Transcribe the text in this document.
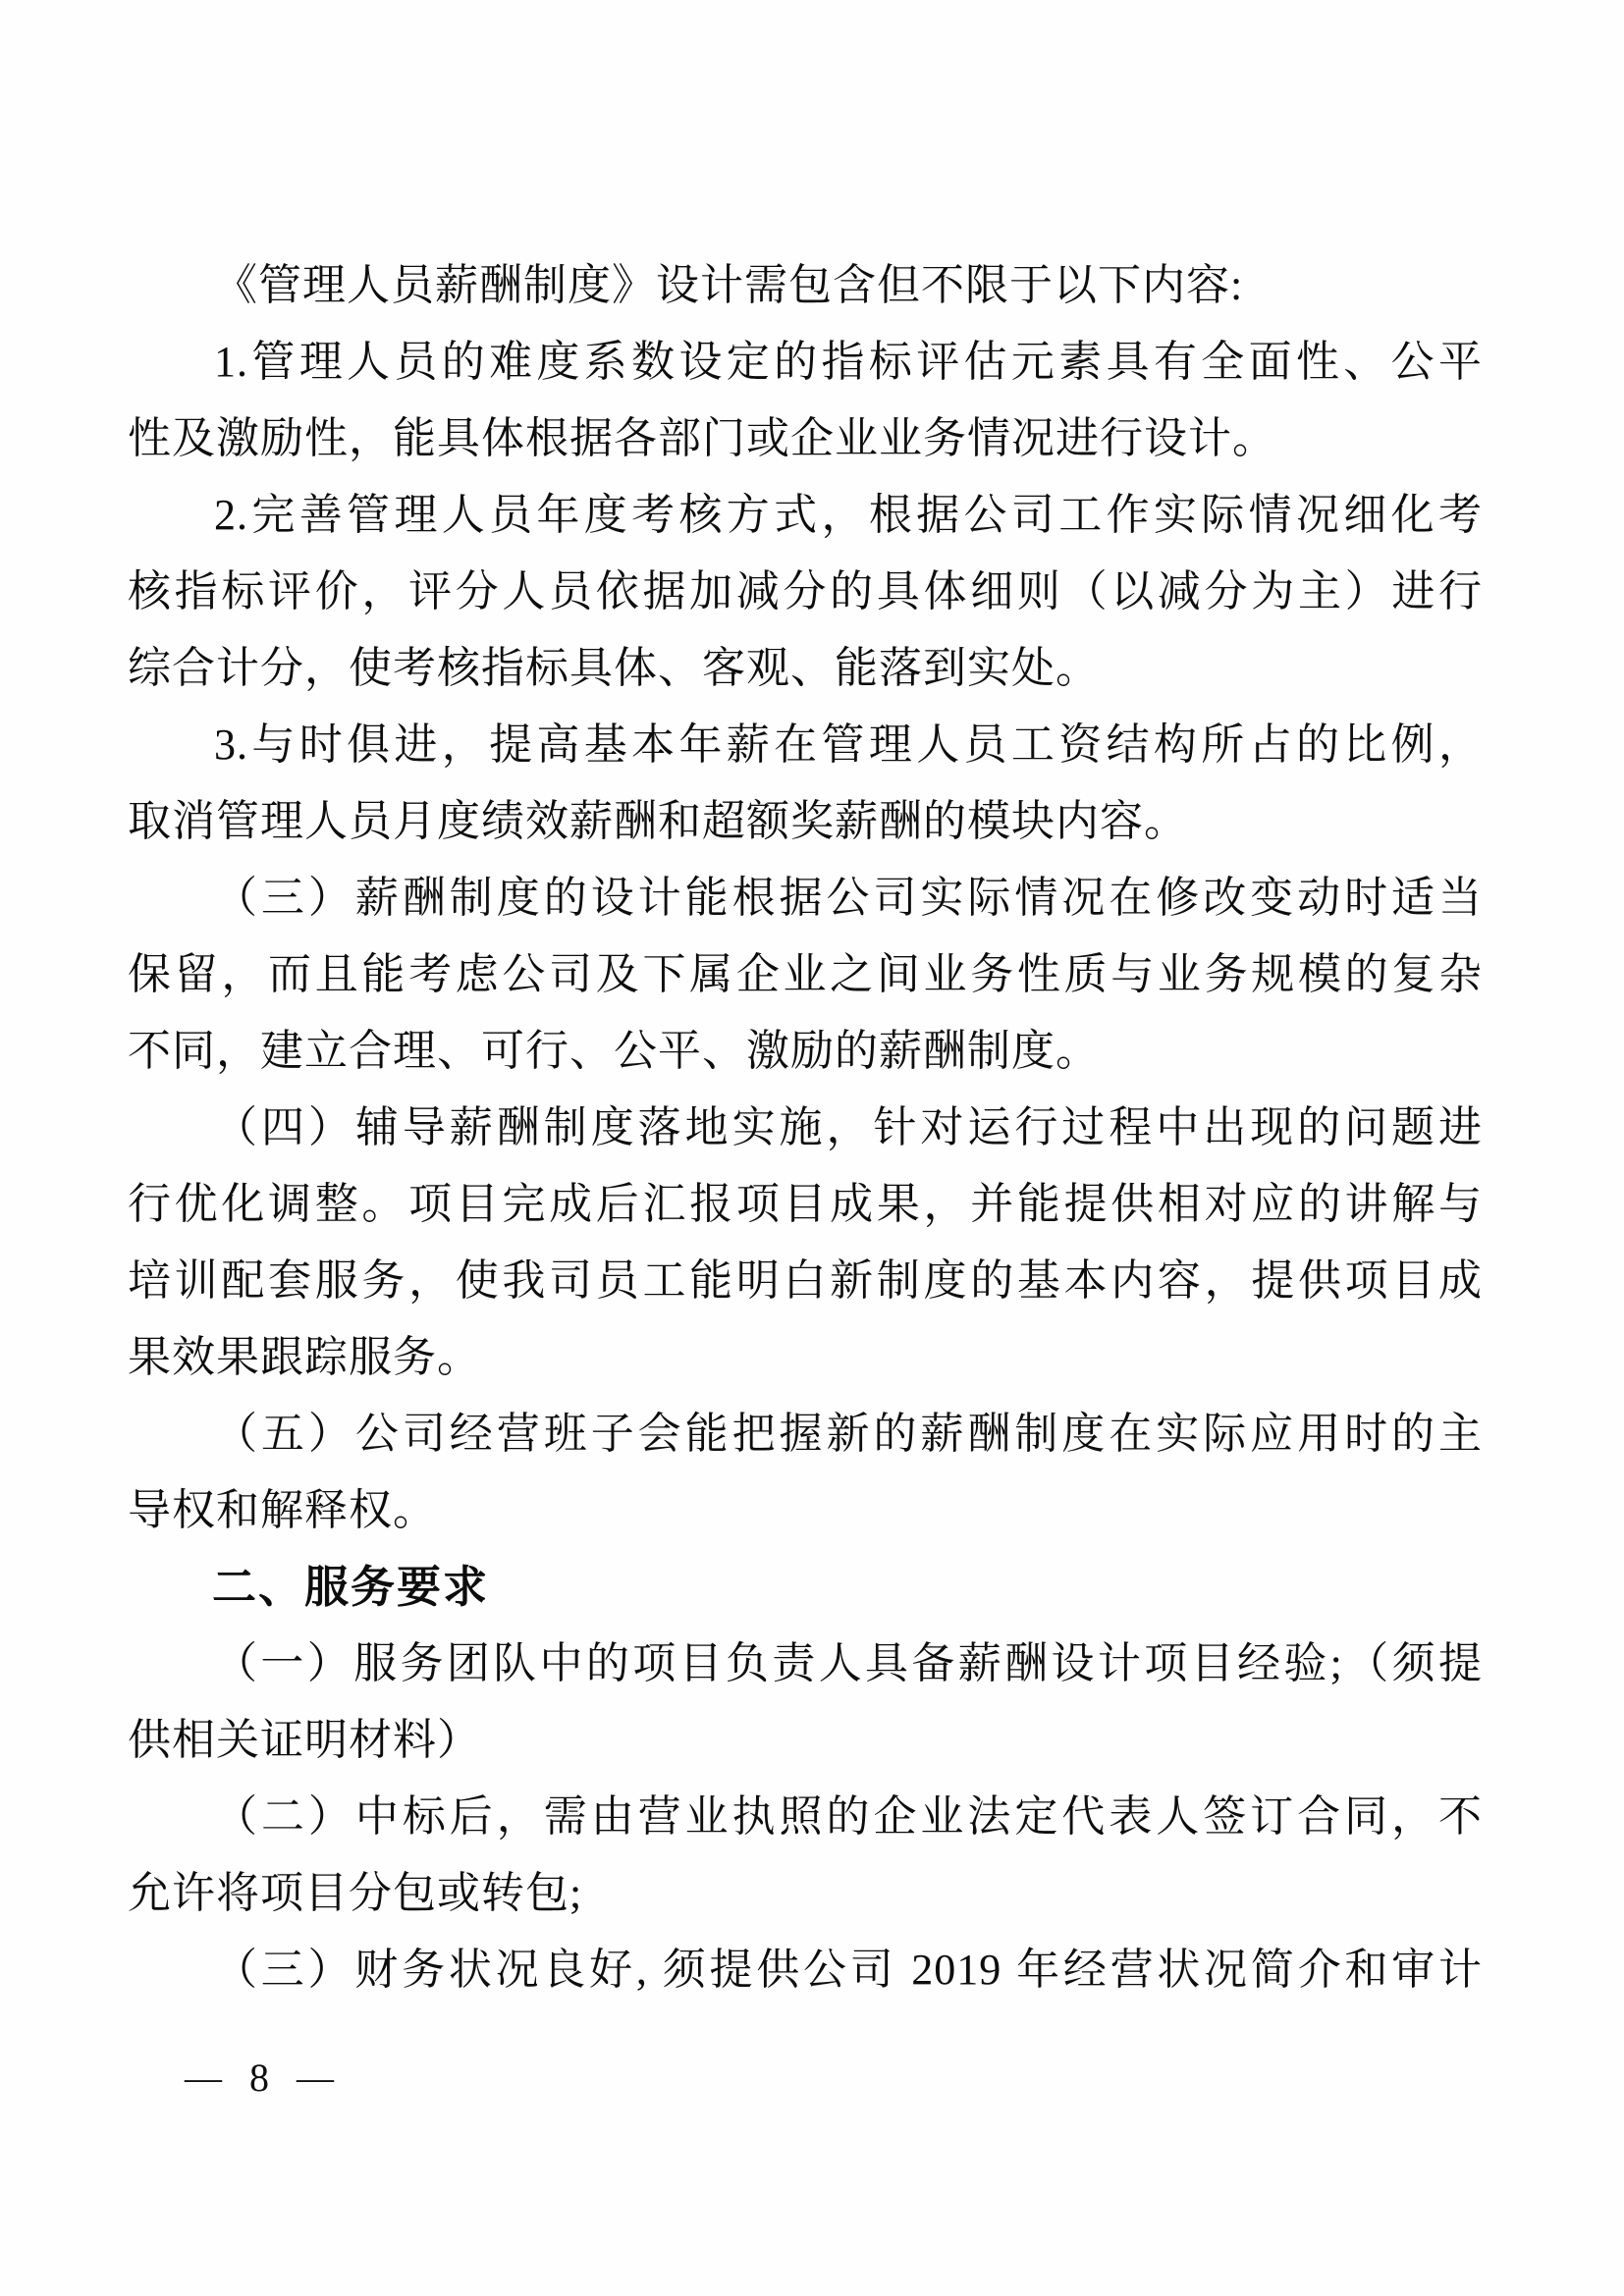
《管理人员薪酬制度》设计需包含但不限于以下内容:
1.管理人员的难度系数设定的指标评估元素具有全面性、公平
性及激励性，能具体根据各部门或企业业务情况进行设计。
2.完善管理人员年度考核方式，根据公司工作实际情况细化考
核指标评价，评分人员依据加减分的具体细则（以减分为主）进行
综合计分，使考核指标具体、客观、能落到实处。
3.与时俱进，提高基本年薪在管理人员工资结构所占的比例，
取消管理人员月度绩效薪酬和超额奖薪酬的模块内容。
（三）薪酬制度的设计能根据公司实际情况在修改变动时适当
保留，而且能考虑公司及下属企业之间业务性质与业务规模的复杂
不同，建立合理、可行、公平、激励的薪酬制度。
（四）辅导薪酬制度落地实施，针对运行过程中出现的问题进
行优化调整。项目完成后汇报项目成果，并能提供相对应的讲解与
培训配套服务，使我司员工能明白新制度的基本内容，提供项目成
果效果跟踪服务。
（五）公司经营班子会能把握新的薪酬制度在实际应用时的主
导权和解释权。
二、服务要求
（一）服务团队中的项目负责人具备薪酬设计项目经验;（须提
供相关证明材料）
（二）中标后，需由营业执照的企业法定代表人签订合同，不
允许将项目分包或转包;
（三）财务状况良好, 须提供公司 2019 年经营状况简介和审计
— 8 —
